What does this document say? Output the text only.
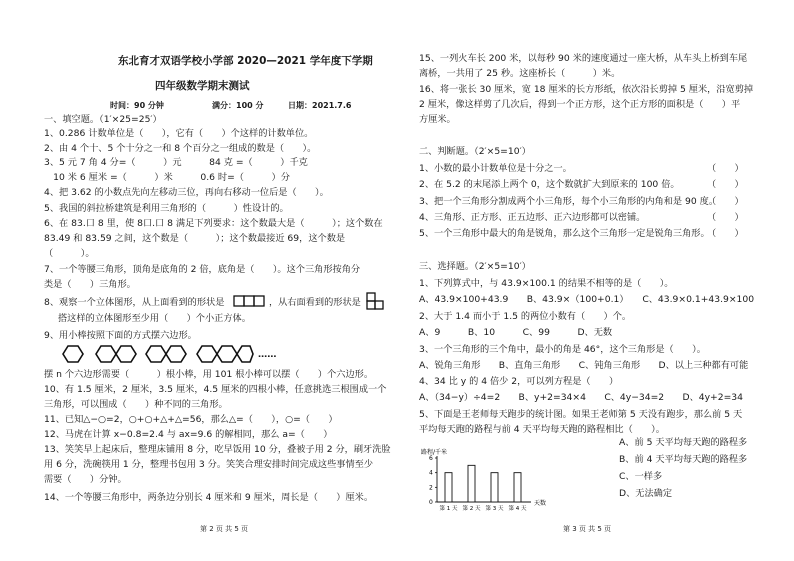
东北育才双语学校小学部 2020—2021 学年度下学期
四年级数学期末测试
时间：90 分钟	满分：100 分	日期：2021.7.6
一、填空题。（1′×25=25′）
1、0.286 计数单位是（　　），它有（　　）个这样的计数单位。
2、由 4 个十、5 个十分之一和 8 个百分之一组成的数是（　　）。
3、5 元 7 角 4 分=（　　　）元　　　84 克 =（　　　）千克
　10 米 6 厘米 =（　　　）米　　　0.6 时=（　　　）分
4、把 3.62 的小数点先向左移动三位，再向右移动一位后是（　　）。
5、我国的斜拉桥建筑是利用三角形的（　　　）性设计的。
6、在 83.口 8 里，使 8口.口 8 满足下列要求：这个数最大是（　　　）；这个数在
83.49 和 83.59 之间，这个数是（　　　）；这个数最接近 69，这个数是
（　　　）。
7、一个等腰三角形，顶角是底角的 2 倍，底角是（　　）。这个三角形按角分
类是（　　）三角形。
8、观察一个立体图形，从上面看到的形状是	，从右面看到的形状是
搭这样的立体图形至少用（　　）个小正方体。
9、用小棒按照下面的方式摆六边形。
……
摆 n 个六边形需要（　　　）根小棒，用 101 根小棒可以摆（　　）个六边形。
10、有 1.5 厘米，2 厘米，3.5 厘米，4.5 厘米的四根小棒，任意挑选三根围成一个
三角形，可以围成（　　）种不同的三角形。
11、已知△−○=2，○+○+△+△=56，那么△=（　　），○=（　　）
12、马虎在计算 x−0.8=2.4 与 ax=9.6 的解相同，那么 a=（　　）
13、笑笑早上起床后，整理床铺用 8 分，吃早饭用 10 分，叠被子用 2 分，刷牙洗脸
用 6 分，洗碗筷用 1 分，整理书包用 3 分。笑笑合理安排时间完成这些事情至少
需要（　　）分钟。
14、一个等腰三角形中，两条边分别长 4 厘米和 9 厘米，周长是（　　）厘米。
第 2 页 共 5 页
15、一列火车长 200 米，以每秒 90 米的速度通过一座大桥，从车头上桥到车尾
离桥，一共用了 25 秒。这座桥长（　　　）米。
16、将一张长 30 厘米，宽 18 厘米的长方形纸，依次沿长剪掉 5 厘米，沿宽剪掉
2 厘米，像这样剪了几次后，得到一个正方形，这个正方形的面积是（　　）平
方厘米。
二、判断题。（2′×5=10′）
1、小数的最小计数单位是十分之一。	（　　）
2、在 5.2 的末尾添上两个 0，这个数就扩大到原来的 100 倍。	（　　）
3、把一个三角形分割成两个小三角形，每个小三角形的内角和是 90 度。
（　　）
4、三角形、正方形、正五边形、正六边形都可以密铺。	（　　）
5、一个三角形中最大的角是锐角，那么这个三角形一定是锐角三角形。
（　　）
三、选择题。（2′×5=10′）
1、下列算式中，与 43.9×100.1 的结果不相等的是（　　）。
A、43.9×100+43.9　　B、43.9×（100+0.1）　　C、43.9×0.1+43.9×100
2、大于 1.4 而小于 1.5 的两位小数有（　　）个。
A、9　　　B、10　　　C、99　　　D、无数
3、一个三角形的三个角中，最小的角是 46°，这个三角形是（　　）。
A、锐角三角形　　B、直角三角形　　C、钝角三角形　　D、以上三种都有可能
4、34 比 y 的 4 倍少 2，可以列方程是（　　）
A、（34−y）÷4=2　　B、y+2=34×4　　C、4y−34=2　　D、4y+2=34
5、下面是王老师每天跑步的统计图。如果王老师第 5 天没有跑步，那么前 5 天
平均每天跑的路程与前 4 天平均每天跑的路程相比（　　）。
路程/千米
天数
0
2
4
6
第 1 天 第 2 天 第 3 天 第 4 天
A、前 5 天平均每天跑的路程多
B、前 4 天平均每天跑的路程多
C、一样多
D、无法确定
第 3 页 共 5 页
